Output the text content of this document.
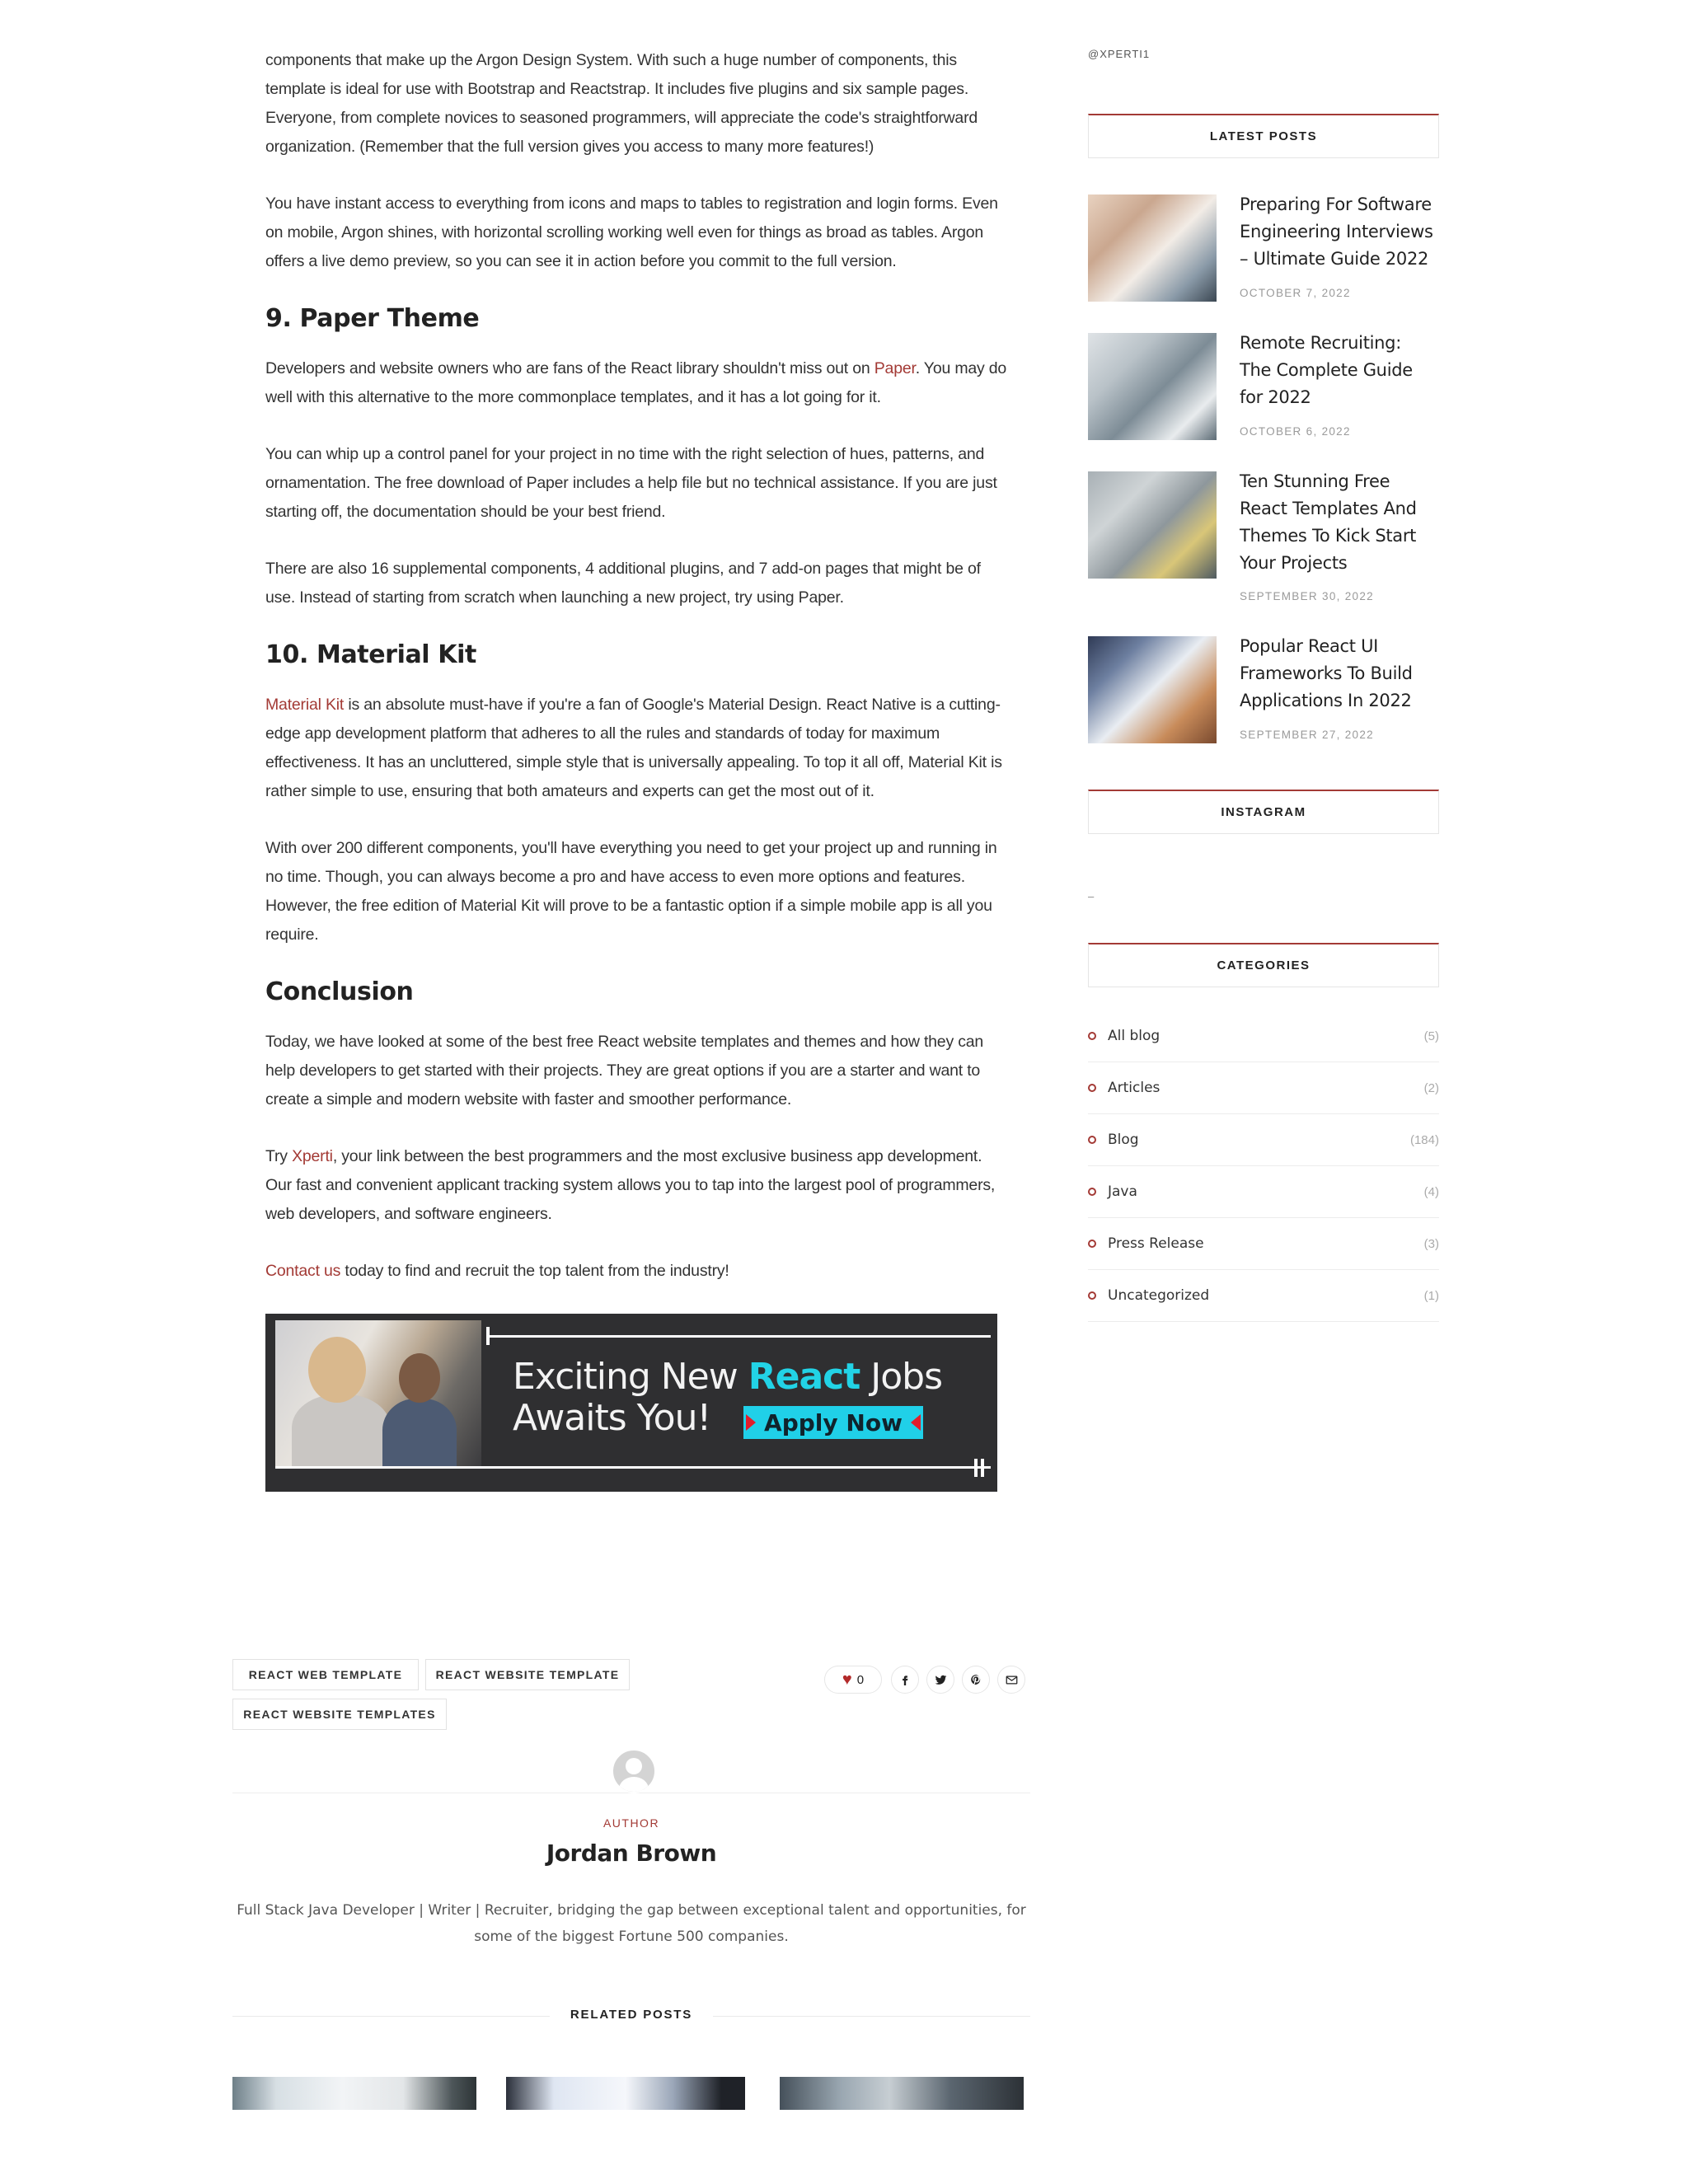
components that make up the Argon Design System. With such a huge number of components, this template is ideal for use with Bootstrap and Reactstrap. It includes five plugins and six sample pages. Everyone, from complete novices to seasoned programmers, will appreciate the code's straightforward organization. (Remember that the full version gives you access to many more features!)

You have instant access to everything from icons and maps to tables to registration and login forms. Even on mobile, Argon shines, with horizontal scrolling working well even for things as broad as tables. Argon offers a live demo preview, so you can see it in action before you commit to the full version.

9. Paper Theme

Developers and website owners who are fans of the React library shouldn't miss out on Paper. You may do well with this alternative to the more commonplace templates, and it has a lot going for it.

You can whip up a control panel for your project in no time with the right selection of hues, patterns, and ornamentation. The free download of Paper includes a help file but no technical assistance. If you are just starting off, the documentation should be your best friend.

There are also 16 supplemental components, 4 additional plugins, and 7 add-on pages that might be of use. Instead of starting from scratch when launching a new project, try using Paper.

10. Material Kit

Material Kit is an absolute must-have if you're a fan of Google's Material Design. React Native is a cutting-edge app development platform that adheres to all the rules and standards of today for maximum effectiveness. It has an uncluttered, simple style that is universally appealing. To top it all off, Material Kit is rather simple to use, ensuring that both amateurs and experts can get the most out of it.

With over 200 different components, you'll have everything you need to get your project up and running in no time. Though, you can always become a pro and have access to even more options and features. However, the free edition of Material Kit will prove to be a fantastic option if a simple mobile app is all you require.

Conclusion

Today, we have looked at some of the best free React website templates and themes and how they can help developers to get started with their projects. They are great options if you are a starter and want to create a simple and modern website with faster and smoother performance.

Try Xperti, your link between the best programmers and the most exclusive business app development. Our fast and convenient applicant tracking system allows you to tap into the largest pool of programmers, web developers, and software engineers.

Contact us today to find and recruit the top talent from the industry!

Exciting New React Jobs
Awaits You!	Apply Now
REACT WEB TEMPLATE	REACT WEBSITE TEMPLATE
REACT WEBSITE TEMPLATES
♥ 0
AUTHOR
Jordan Brown
Full Stack Java Developer | Writer | Recruiter, bridging the gap between exceptional talent and opportunities, for some of the biggest Fortune 500 companies.
RELATED POSTS
@XPERTI1
LATEST POSTS
Preparing For Software Engineering Interviews – Ultimate Guide 2022
OCTOBER 7, 2022
Remote Recruiting: The Complete Guide for 2022
OCTOBER 6, 2022
Ten Stunning Free React Templates And Themes To Kick Start Your Projects
SEPTEMBER 30, 2022
Popular React UI Frameworks To Build Applications In 2022
SEPTEMBER 27, 2022
INSTAGRAM
–
CATEGORIES
All blog	(5)
Articles	(2)
Blog	(184)
Java	(4)
Press Release	(3)
Uncategorized	(1)
